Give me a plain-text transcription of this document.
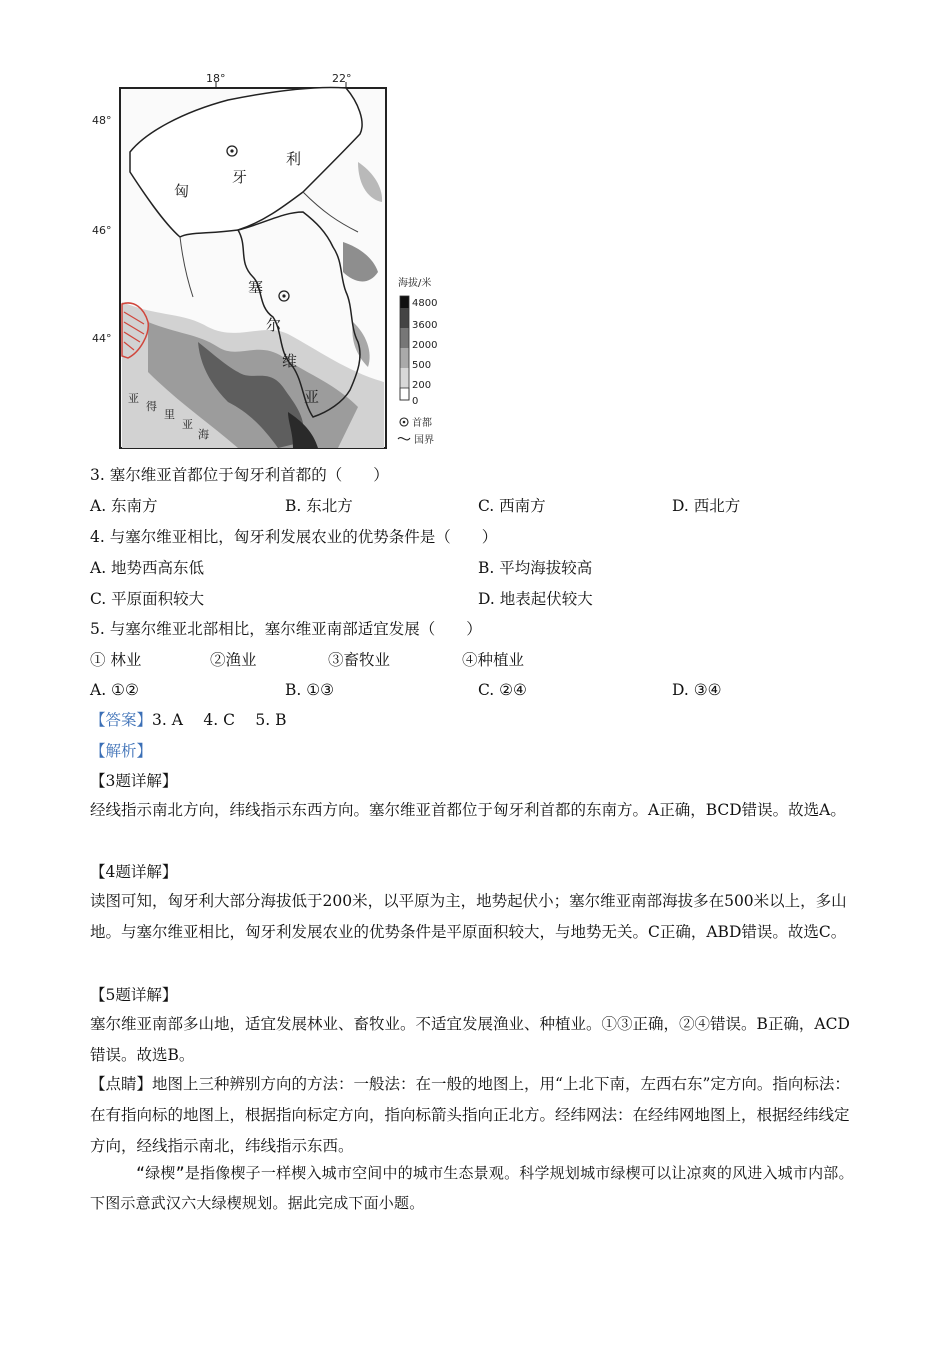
18°	22°
48°
46°
44°
匈
牙
利
塞
尔
维
亚
亚
得
里
亚
海
海拔/米
4800
3600
2000
500
200
0
首都
国界
3. 塞尔维亚首都位于匈牙利首都的（　　）
A. 东南方	B. 东北方	C. 西南方	D. 西北方
4. 与塞尔维亚相比，匈牙利发展农业的优势条件是（　　）
A. 地势西高东低	B. 平均海拔较高
C. 平原面积较大	D. 地表起伏较大
5. 与塞尔维亚北部相比，塞尔维亚南部适宜发展（　　）
① 林业	②渔业	③畜牧业	④种植业
A. ①②	B. ①③	C. ②④	D. ③④
【答案】3. A　 4. C　 5. B
【解析】
【3题详解】
经线指示南北方向，纬线指示东西方向。塞尔维亚首都位于匈牙利首都的东南方。A正确，BCD错误。故选A。
【4题详解】
读图可知，匈牙利大部分海拔低于200米，以平原为主，地势起伏小；塞尔维亚南部海拔多在500米以上，多山地。与塞尔维亚相比，匈牙利发展农业的优势条件是平原面积较大，与地势无关。C正确，ABD错误。故选C。
【5题详解】
塞尔维亚南部多山地，适宜发展林业、畜牧业。不适宜发展渔业、种植业。①③正确，②④错误。B正确，ACD错误。故选B。
【点睛】地图上三种辨别方向的方法：一般法：在一般的地图上，用“上北下南，左西右东”定方向。指向标法：在有指向标的地图上，根据指向标定方向，指向标箭头指向正北方。经纬网法：在经纬网地图上，根据经纬线定方向，经线指示南北，纬线指示东西。
“绿楔”是指像楔子一样楔入城市空间中的城市生态景观。科学规划城市绿楔可以让凉爽的风进入城市内部。下图示意武汉六大绿楔规划。据此完成下面小题。
